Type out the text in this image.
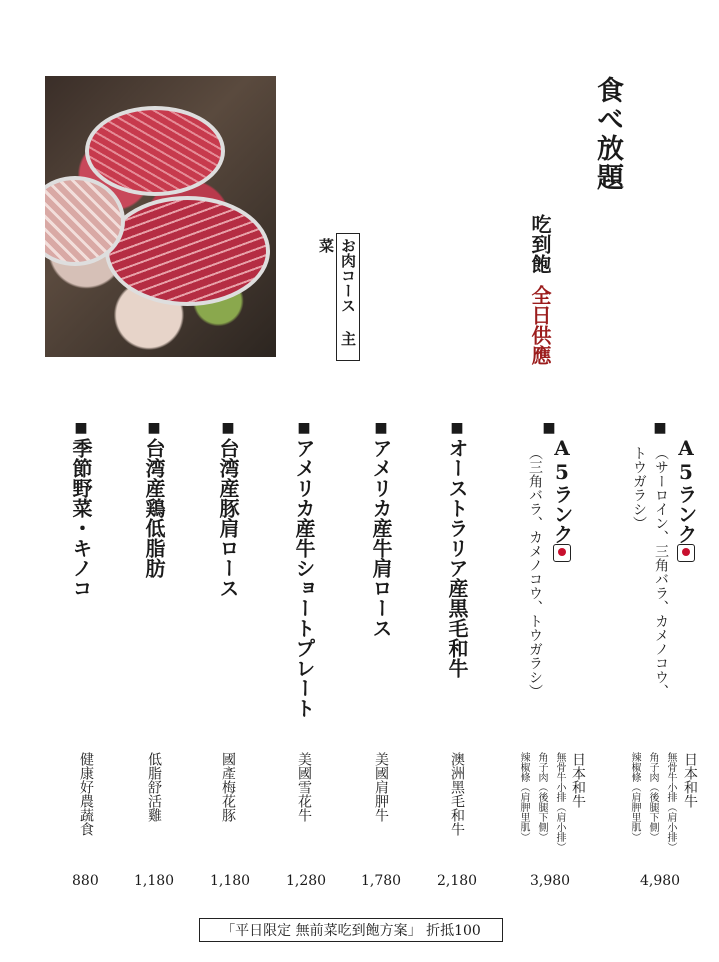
食べ放題
吃到飽
全日供應
お肉コース 主菜
■
A5ランク
（サーロイン、三角バラ、カメノコウ、トウガラシ）
日本和牛
無骨牛小排（肩小排）
角子肉（後腿下側）
辣椒條（肩胛里肌）
4,980
■
A5ランク
（三角バラ、カメノコウ、トウガラシ）
日本和牛
無骨牛小排（肩小排）
角子肉（後腿下側）
辣椒條（肩胛里肌）
3,980
■
オーストラリア産黒毛和牛
澳洲黑毛和牛
2,180
■
アメリカ産牛肩ロース
美國肩胛牛
1,780
■
アメリカ産牛ショートプレート
美國雪花牛
1,280
■
台湾産豚肩ロース
國產梅花豚
1,180
■
台湾産鶏低脂肪
低脂舒活雞
1,180
■
季節野菜・キノコ
健康好農蔬食
880
「平日限定 無前菜吃到飽方案」 折抵100
